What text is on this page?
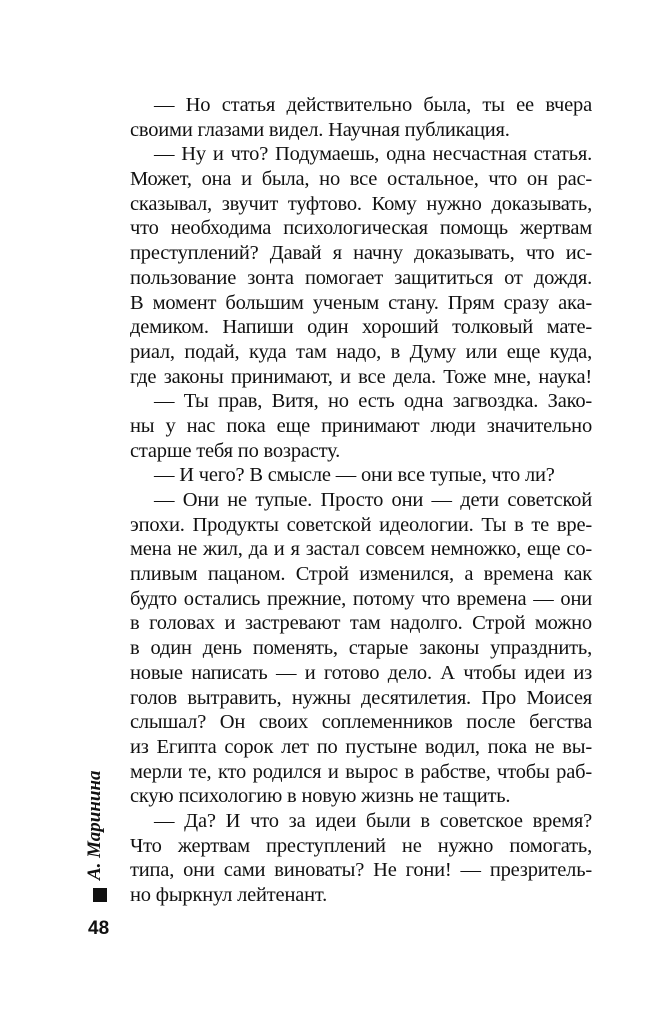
— Но статья действительно была, ты ее вчера
своими глазами видел. Научная публикация.
— Ну и что? Подумаешь, одна несчастная статья.
Может, она и была, но все остальное, что он рас-
сказывал, звучит туфтово. Кому нужно доказывать,
что необходима психологическая помощь жертвам
преступлений? Давай я начну доказывать, что ис-
пользование зонта помогает защититься от дождя.
В момент большим ученым стану. Прям сразу ака-
демиком. Напиши один хороший толковый мате-
риал, подай, куда там надо, в Думу или еще куда,
где законы принимают, и все дела. Тоже мне, наука!
— Ты прав, Витя, но есть одна загвоздка. Зако-
ны у нас пока еще принимают люди значительно
старше тебя по возрасту.
— И чего? В смысле — они все тупые, что ли?
— Они не тупые. Просто они — дети советской
эпохи. Продукты советской идеологии. Ты в те вре-
мена не жил, да и я застал совсем немножко, еще со-
пливым пацаном. Строй изменился, а времена как
будто остались прежние, потому что времена — они
в головах и застревают там надолго. Строй можно
в один день поменять, старые законы упразднить,
новые написать — и готово дело. А чтобы идеи из
голов вытравить, нужны десятилетия. Про Моисея
слышал? Он своих соплеменников после бегства
из Египта сорок лет по пустыне водил, пока не вы-
мерли те, кто родился и вырос в рабстве, чтобы раб-
скую психологию в новую жизнь не тащить.
— Да? И что за идеи были в советское время?
Что жертвам преступлений не нужно помогать,
типа, они сами виноваты? Не гони! — презритель-
но фыркнул лейтенант.
А. Маринина
48
